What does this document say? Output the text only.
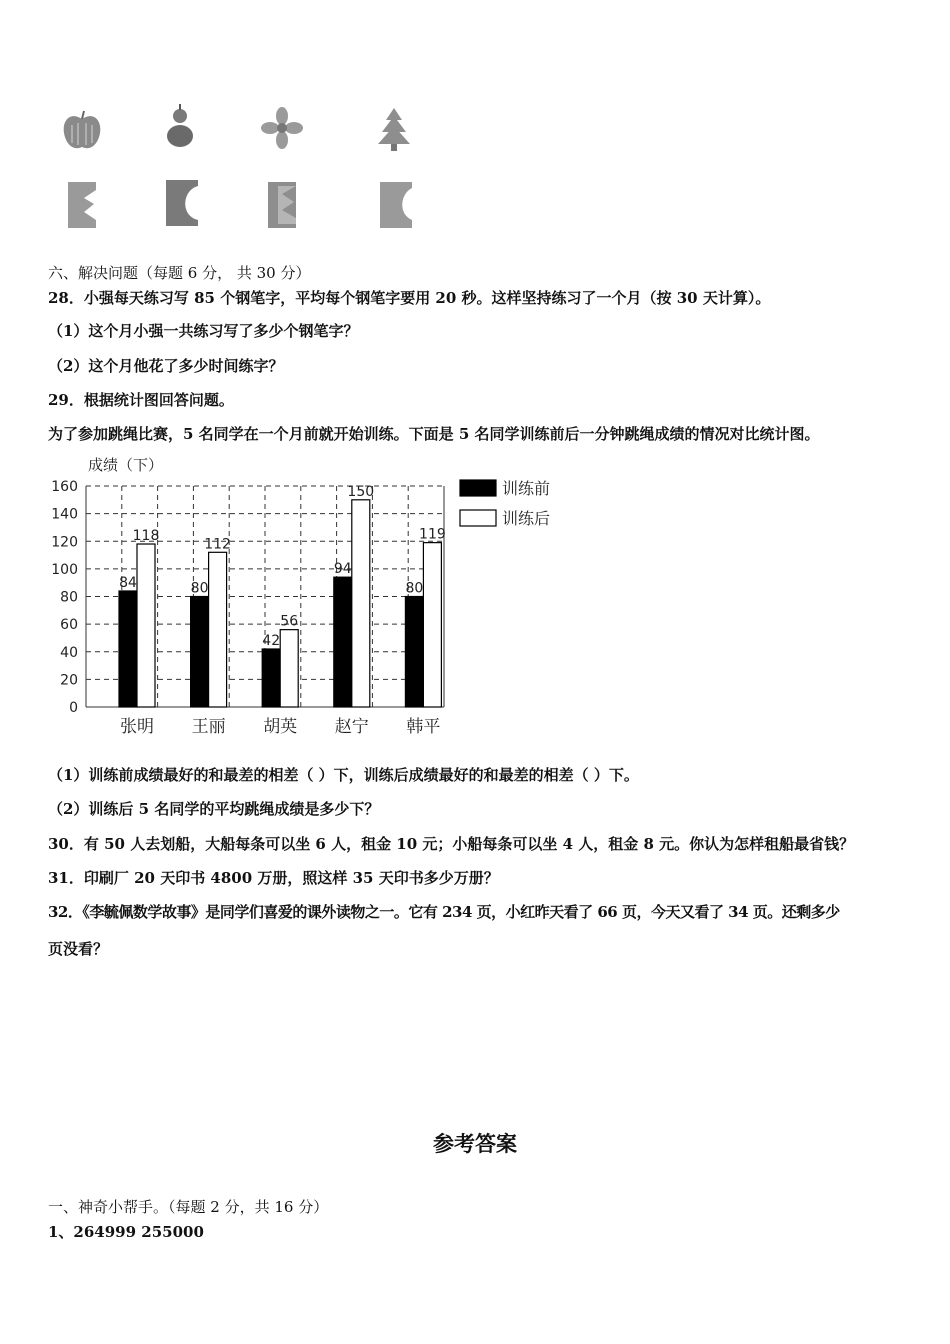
六、解决问题（每题 6 分， 共 30 分）
28．小强每天练习写 85 个钢笔字，平均每个钢笔字要用 20 秒。这样坚持练习了一个月（按 30 天计算）。
（1）这个月小强一共练习写了多少个钢笔字？
（2）这个月他花了多少时间练字？
29．根据统计图回答问题。
为了参加跳绳比赛，5 名同学在一个月前就开始训练。下面是 5 名同学训练前后一分钟跳绳成绩的情况对比统计图。
成绩（下）
0
20
40
60
80
100
120
140
160
84
118
张明
80
112
王丽
42
56
胡英
94
150
赵宁
80
119
韩平
训练前
训练后
（1）训练前成绩最好的和最差的相差（ ）下，训练后成绩最好的和最差的相差（ ）下。
（2）训练后 5 名同学的平均跳绳成绩是多少下？
30．有 50 人去划船，大船每条可以坐 6 人，租金 10 元；小船每条可以坐 4 人，租金 8 元。你认为怎样租船最省钱？
31．印刷厂 20 天印书 4800 万册，照这样 35 天印书多少万册？
32．《李毓佩数学故事》是同学们喜爱的课外读物之一。它有 234 页，小红昨天看了 66 页，今天又看了 34 页。还剩多少
页没看？
参考答案
一、神奇小帮手。（每题 2 分，共 16 分）
1、264999 255000
